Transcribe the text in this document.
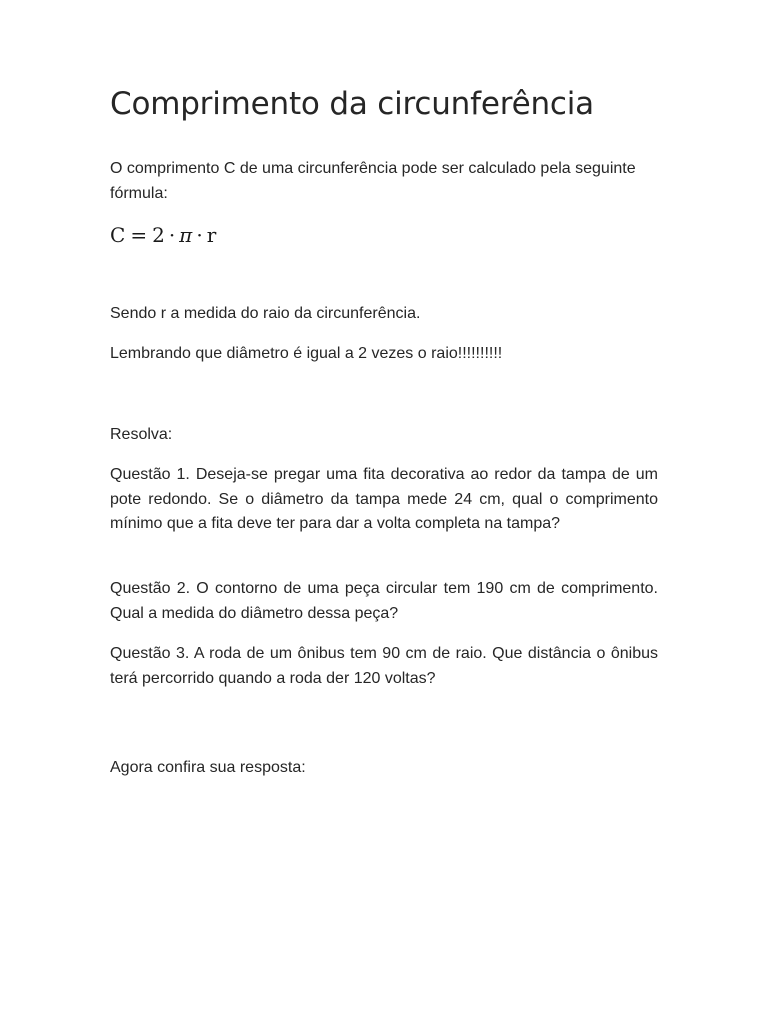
Comprimento da circunferência

O comprimento C de uma circunferência pode ser calculado pela seguinte fórmula:

C = 2 · π · r

Sendo r a medida do raio da circunferência.

Lembrando que diâmetro é igual a 2 vezes o raio!!!!!!!!!!

Resolva:

Questão 1. Deseja-se pregar uma fita decorativa ao redor da tampa de um pote redondo. Se o diâmetro da tampa mede 24 cm, qual o comprimento mínimo que a fita deve ter para dar a volta completa na tampa?

Questão 2. O contorno de uma peça circular tem 190 cm de comprimento. Qual a medida do diâmetro dessa peça?

Questão 3. A roda de um ônibus tem 90 cm de raio. Que distância o ônibus terá percorrido quando a roda der 120 voltas?

Agora confira sua resposta:
